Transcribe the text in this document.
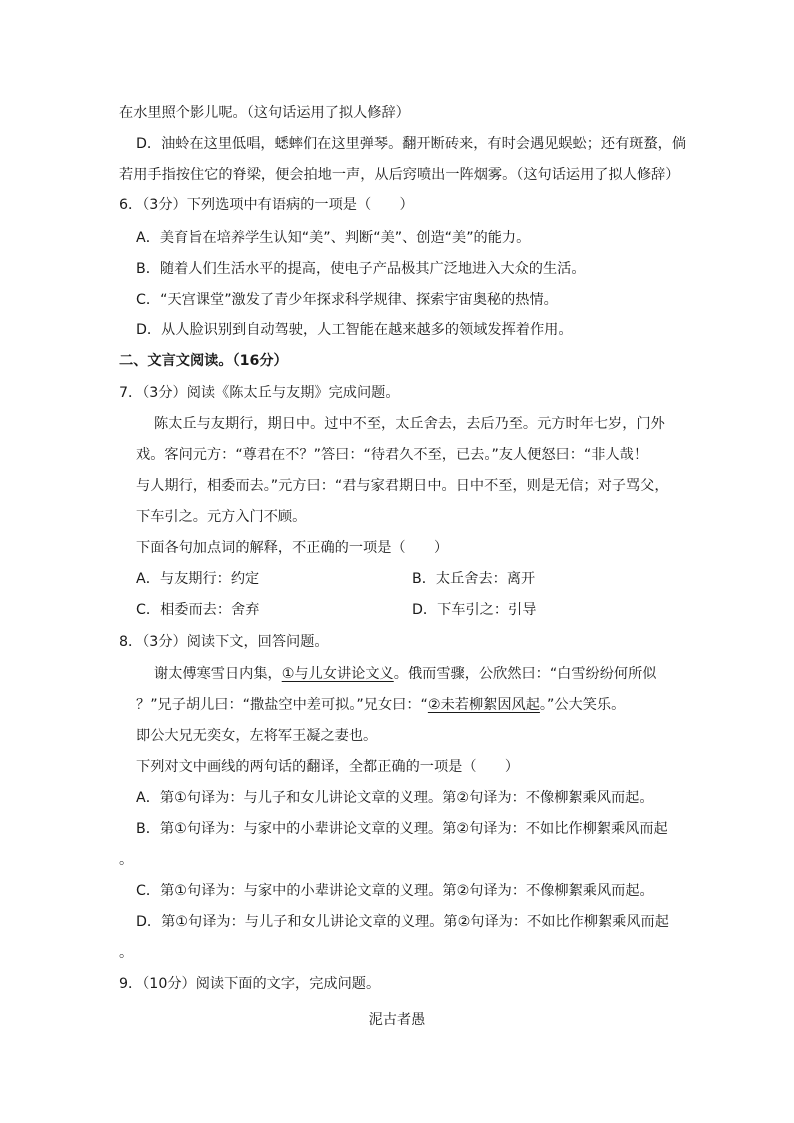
在水里照个影儿呢。（这句话运用了拟人修辞）
D．油蛉在这里低唱，蟋蟀们在这里弹琴。翻开断砖来，有时会遇见蜈蚣；还有斑蝥，倘
若用手指按住它的脊梁，便会拍地一声，从后窍喷出一阵烟雾。（这句话运用了拟人修辞）
6．（3分）下列选项中有语病的一项是（　　）
A．美育旨在培养学生认知“美”、判断“美”、创造“美”的能力。
B．随着人们生活水平的提高，使电子产品极其广泛地进入大众的生活。
C．“天宫课堂”激发了青少年探求科学规律、探索宇宙奥秘的热情。
D．从人脸识别到自动驾驶，人工智能在越来越多的领域发挥着作用。
二、文言文阅读。（16分）
7．（3分）阅读《陈太丘与友期》完成问题。
陈太丘与友期行，期日中。过中不至，太丘舍去，去后乃至。元方时年七岁，门外
戏。客问元方：“尊君在不？”答曰：“待君久不至，已去。”友人便怒曰：“非人哉！
与人期行，相委而去。”元方曰：“君与家君期日中。日中不至，则是无信；对子骂父，
下车引之。元方入门不顾。
下面各句加点词的解释，不正确的一项是（　　）
A．与友期行：约定	B．太丘舍去：离开
C．相委而去：舍弃	D．下车引之：引导
8．（3分）阅读下文，回答问题。
谢太傅寒雪日内集，①与儿女讲论文义。俄而雪骤，公欣然曰：“白雪纷纷何所似
？”兄子胡儿曰：“撒盐空中差可拟。”兄女曰：“②未若柳絮因风起。”公大笑乐。
即公大兄无奕女，左将军王凝之妻也。
下列对文中画线的两句话的翻译，全都正确的一项是（　　）
A．第①句译为：与儿子和女儿讲论文章的义理。第②句译为：不像柳絮乘风而起。
B．第①句译为：与家中的小辈讲论文章的义理。第②句译为：不如比作柳絮乘风而起
。
C．第①句译为：与家中的小辈讲论文章的义理。第②句译为：不像柳絮乘风而起。
D．第①句译为：与儿子和女儿讲论文章的义理。第②句译为：不如比作柳絮乘风而起
。
9．（10分）阅读下面的文字，完成问题。
泥古者愚
